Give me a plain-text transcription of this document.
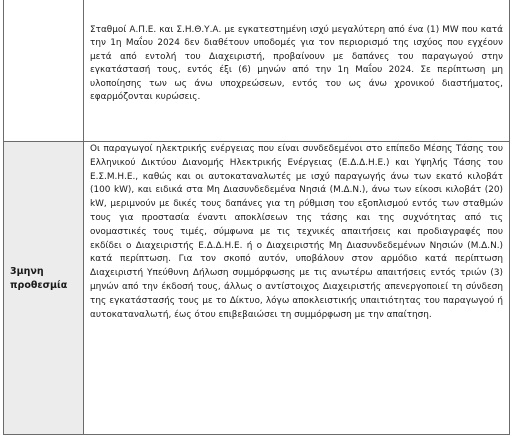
Σταθμοί Α.Π.Ε. και Σ.Η.Θ.Υ.Α. με εγκατεστημένη ισχύ μεγαλύτερη από ένα (1) MW που κατά την 1η Μαΐου 2024 δεν διαθέτουν υποδομές για τον περιορισμό της ισχύος που εγχέουν μετά από εντολή του Διαχειριστή, προβαίνουν με δαπάνες του παραγωγού στην εγκατάστασή τους, εντός έξι (6) μηνών από την 1η Μαΐου 2024. Σε περίπτωση μη υλοποίησης των ως άνω υποχρεώσεων, εντός του ως άνω χρονικού διαστήματος, εφαρμόζονται κυρώσεις.

3μηνη προθεσμία

Οι παραγωγοί ηλεκτρικής ενέργειας που είναι συνδεδεμένοι στο επίπεδο Μέσης Τάσης του Ελληνικού Δικτύου Διανομής Ηλεκτρικής Ενέργειας (Ε.Δ.Δ.Η.Ε.) και Υψηλής Τάσης του Ε.Σ.Μ.Η.Ε., καθώς και οι αυτοκαταναλωτές με ισχύ παραγωγής άνω των εκατό κιλοβάτ (100 kW), και ειδικά στα Μη Διασυνδεδεμένα Νησιά (Μ.Δ.Ν.), άνω των είκοσι κιλοβάτ (20) kW, μεριμνούν με δικές τους δαπάνες για τη ρύθμιση του εξοπλισμού εντός των σταθμών τους για προστασία έναντι αποκλίσεων της τάσης και της συχνότητας από τις ονομαστικές τους τιμές, σύμφωνα με τις τεχνικές απαιτήσεις και προδιαγραφές που εκδίδει ο Διαχειριστής Ε.Δ.Δ.Η.Ε. ή ο Διαχειριστής Μη Διασυνδεδεμένων Νησιών (Μ.Δ.Ν.) κατά περίπτωση. Για τον σκοπό αυτόν, υποβάλουν στον αρμόδιο κατά περίπτωση Διαχειριστή Υπεύθυνη Δήλωση συμμόρφωσης με τις ανωτέρω απαιτήσεις εντός τριών (3) μηνών από την έκδοσή τους, άλλως ο αντίστοιχος Διαχειριστής απενεργοποιεί τη σύνδεση της εγκατάστασής τους με το Δίκτυο, λόγω αποκλειστικής υπαιτιότητας του παραγωγού ή αυτοκαταναλωτή, έως ότου επιβεβαιώσει τη συμμόρφωση με την απαίτηση.
